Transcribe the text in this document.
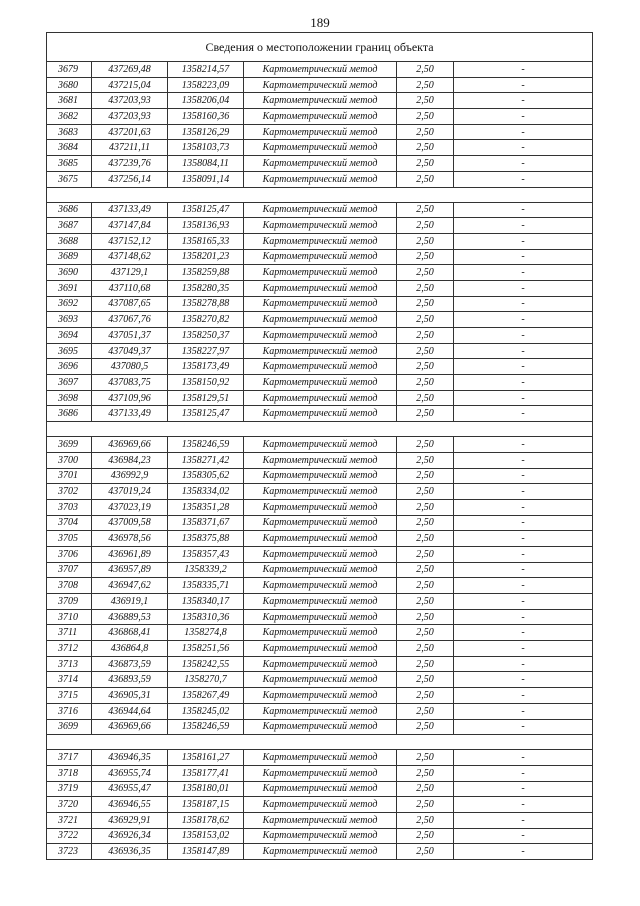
189
Сведения о местоположении границ объекта					
3679	437269,48	1358214,57	Картометрический метод	2,50	-
3680	437215,04	1358223,09	Картометрический метод	2,50	-
3681	437203,93	1358206,04	Картометрический метод	2,50	-
3682	437203,93	1358160,36	Картометрический метод	2,50	-
3683	437201,63	1358126,29	Картометрический метод	2,50	-
3684	437211,11	1358103,73	Картометрический метод	2,50	-
3685	437239,76	1358084,11	Картометрический метод	2,50	-
3675	437256,14	1358091,14	Картометрический метод	2,50	-

3686	437133,49	1358125,47	Картометрический метод	2,50	-
3687	437147,84	1358136,93	Картометрический метод	2,50	-
3688	437152,12	1358165,33	Картометрический метод	2,50	-
3689	437148,62	1358201,23	Картометрический метод	2,50	-
3690	437129,1	1358259,88	Картометрический метод	2,50	-
3691	437110,68	1358280,35	Картометрический метод	2,50	-
3692	437087,65	1358278,88	Картометрический метод	2,50	-
3693	437067,76	1358270,82	Картометрический метод	2,50	-
3694	437051,37	1358250,37	Картометрический метод	2,50	-
3695	437049,37	1358227,97	Картометрический метод	2,50	-
3696	437080,5	1358173,49	Картометрический метод	2,50	-
3697	437083,75	1358150,92	Картометрический метод	2,50	-
3698	437109,96	1358129,51	Картометрический метод	2,50	-
3686	437133,49	1358125,47	Картометрический метод	2,50	-

3699	436969,66	1358246,59	Картометрический метод	2,50	-
3700	436984,23	1358271,42	Картометрический метод	2,50	-
3701	436992,9	1358305,62	Картометрический метод	2,50	-
3702	437019,24	1358334,02	Картометрический метод	2,50	-
3703	437023,19	1358351,28	Картометрический метод	2,50	-
3704	437009,58	1358371,67	Картометрический метод	2,50	-
3705	436978,56	1358375,88	Картометрический метод	2,50	-
3706	436961,89	1358357,43	Картометрический метод	2,50	-
3707	436957,89	1358339,2	Картометрический метод	2,50	-
3708	436947,62	1358335,71	Картометрический метод	2,50	-
3709	436919,1	1358340,17	Картометрический метод	2,50	-
3710	436889,53	1358310,36	Картометрический метод	2,50	-
3711	436868,41	1358274,8	Картометрический метод	2,50	-
3712	436864,8	1358251,56	Картометрический метод	2,50	-
3713	436873,59	1358242,55	Картометрический метод	2,50	-
3714	436893,59	1358270,7	Картометрический метод	2,50	-
3715	436905,31	1358267,49	Картометрический метод	2,50	-
3716	436944,64	1358245,02	Картометрический метод	2,50	-
3699	436969,66	1358246,59	Картометрический метод	2,50	-

3717	436946,35	1358161,27	Картометрический метод	2,50	-
3718	436955,74	1358177,41	Картометрический метод	2,50	-
3719	436955,47	1358180,01	Картометрический метод	2,50	-
3720	436946,55	1358187,15	Картометрический метод	2,50	-
3721	436929,91	1358178,62	Картометрический метод	2,50	-
3722	436926,34	1358153,02	Картометрический метод	2,50	-
3723	436936,35	1358147,89	Картометрический метод	2,50	-
